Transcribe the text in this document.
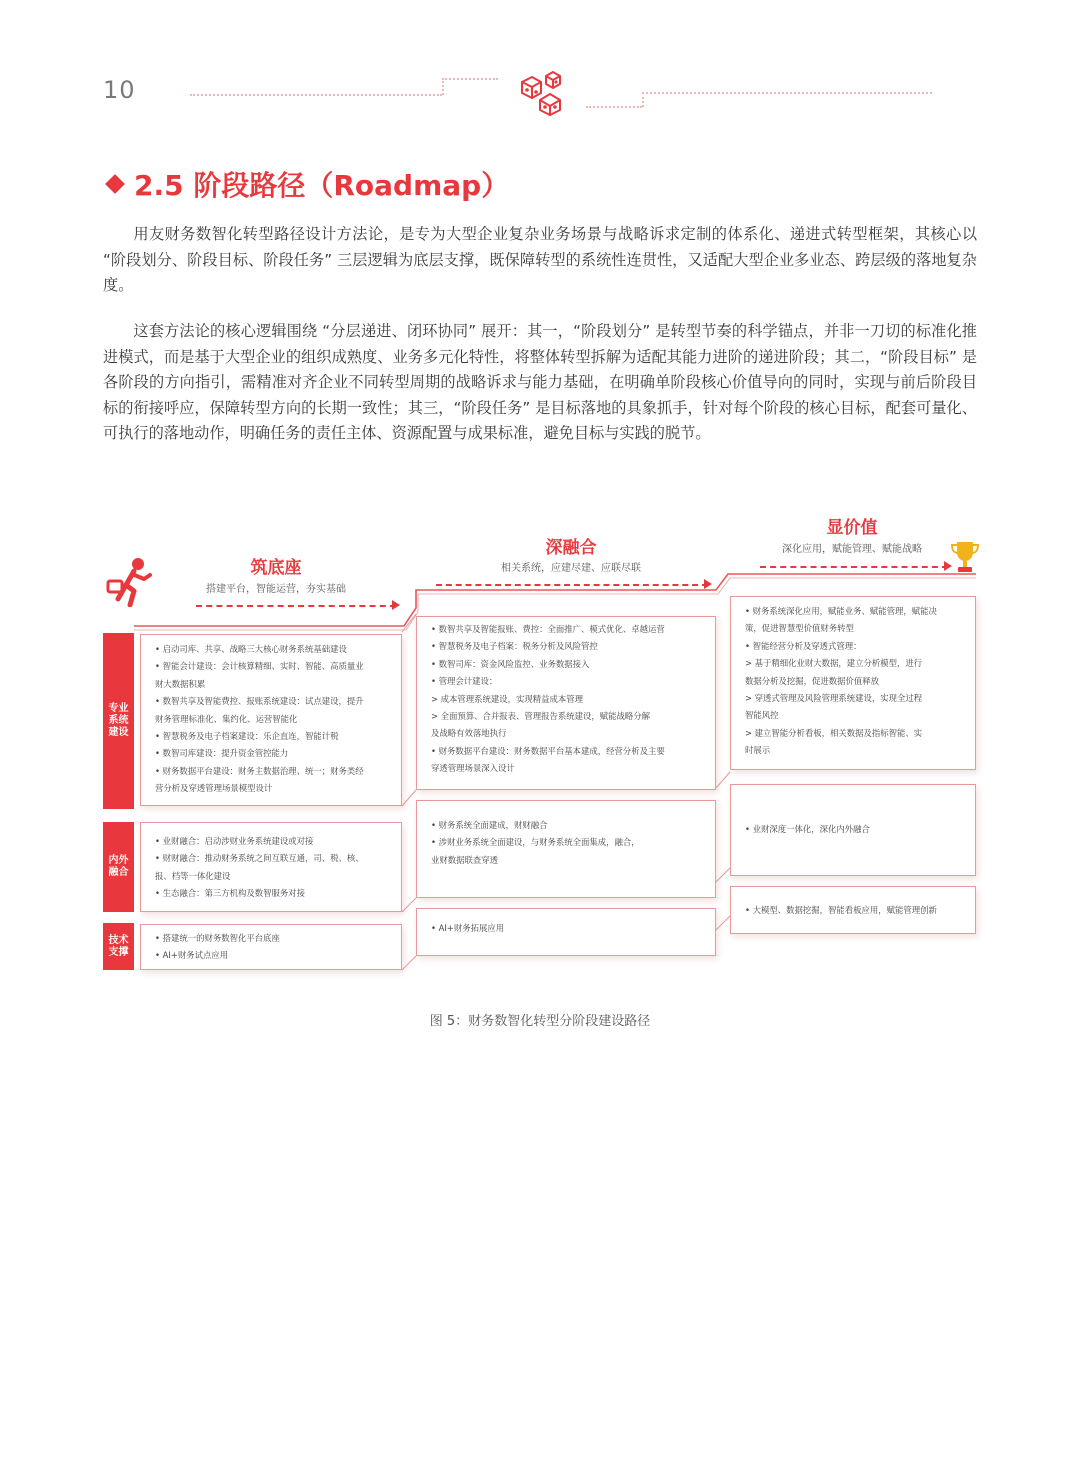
10
2.5 阶段路径（Roadmap）
用友财务数智化转型路径设计方法论，是专为大型企业复杂业务场景与战略诉求定制的体系化、递进式转型框架，其核心以 “阶段划分、阶段目标、阶段任务” 三层逻辑为底层支撑，既保障转型的系统性连贯性，又适配大型企业多业态、跨层级的落地复杂度。
这套方法论的核心逻辑围绕 “分层递进、闭环协同” 展开：其一，“阶段划分” 是转型节奏的科学锚点，并非一刀切的标准化推进模式，而是基于大型企业的组织成熟度、业务多元化特性，将整体转型拆解为适配其能力进阶的递进阶段；其二，“阶段目标” 是各阶段的方向指引，需精准对齐企业不同转型周期的战略诉求与能力基础，在明确单阶段核心价值导向的同时，实现与前后阶段目标的衔接呼应，保障转型方向的长期一致性；其三，“阶段任务” 是目标落地的具象抓手，针对每个阶段的核心目标，配套可量化、可执行的落地动作，明确任务的责任主体、资源配置与成果标准，避免目标与实践的脱节。
筑底座
搭建平台，智能运营，夯实基础
深融合
相关系统，应建尽建、应联尽联
显价值
深化应用，赋能管理、赋能战略
专业系统建设
内外融合
技术支撑
• 启动司库、共享、战略三大核心财务系统基础建设
• 智能会计建设：会计核算精细、实时、智能、高质量业
财大数据积累
• 数智共享及智能费控、报账系统建设：试点建设，提升
财务管理标准化、集约化、运营智能化
• 智慧税务及电子档案建设：乐企直连，智能计税
• 数智司库建设：提升资金管控能力
• 财务数据平台建设：财务主数据治理、统一；财务类经
营分析及穿透管理场景模型设计
• 业财融合：启动涉财业务系统建设或对接
• 财财融合：推动财务系统之间互联互通，司、税、核、
报、档等一体化建设
• 生态融合：第三方机构及数智服务对接
• 搭建统一的财务数智化平台底座
• AI+财务试点应用
• 数智共享及智能报账、费控：全面推广、模式优化、卓越运营
• 智慧税务及电子档案：税务分析及风险管控
• 数智司库：资金风险监控、业务数据接入
• 管理会计建设：
> 成本管理系统建设，实现精益成本管理
> 全面预算、合并报表、管理报告系统建设，赋能战略分解
及战略有效落地执行
• 财务数据平台建设：财务数据平台基本建成，经营分析及主要
穿透管理场景深入设计
• 财务系统全面建成，财财融合
• 涉财业务系统全面建设，与财务系统全面集成，融合，
业财数据联查穿透
• AI+财务拓展应用
• 财务系统深化应用，赋能业务、赋能管理，赋能决
策，促进智慧型价值财务转型
• 智能经营分析及穿透式管理：
> 基于精细化业财大数据，建立分析模型，进行
数据分析及挖掘，促进数据价值释放
> 穿透式管理及风险管理系统建设，实现全过程
智能风控
> 建立智能分析看板，相关数据及指标智能、实
时展示
• 业财深度一体化，深化内外融合
• 大模型、数据挖掘，智能看板应用，赋能管理创新
图 5：财务数智化转型分阶段建设路径
